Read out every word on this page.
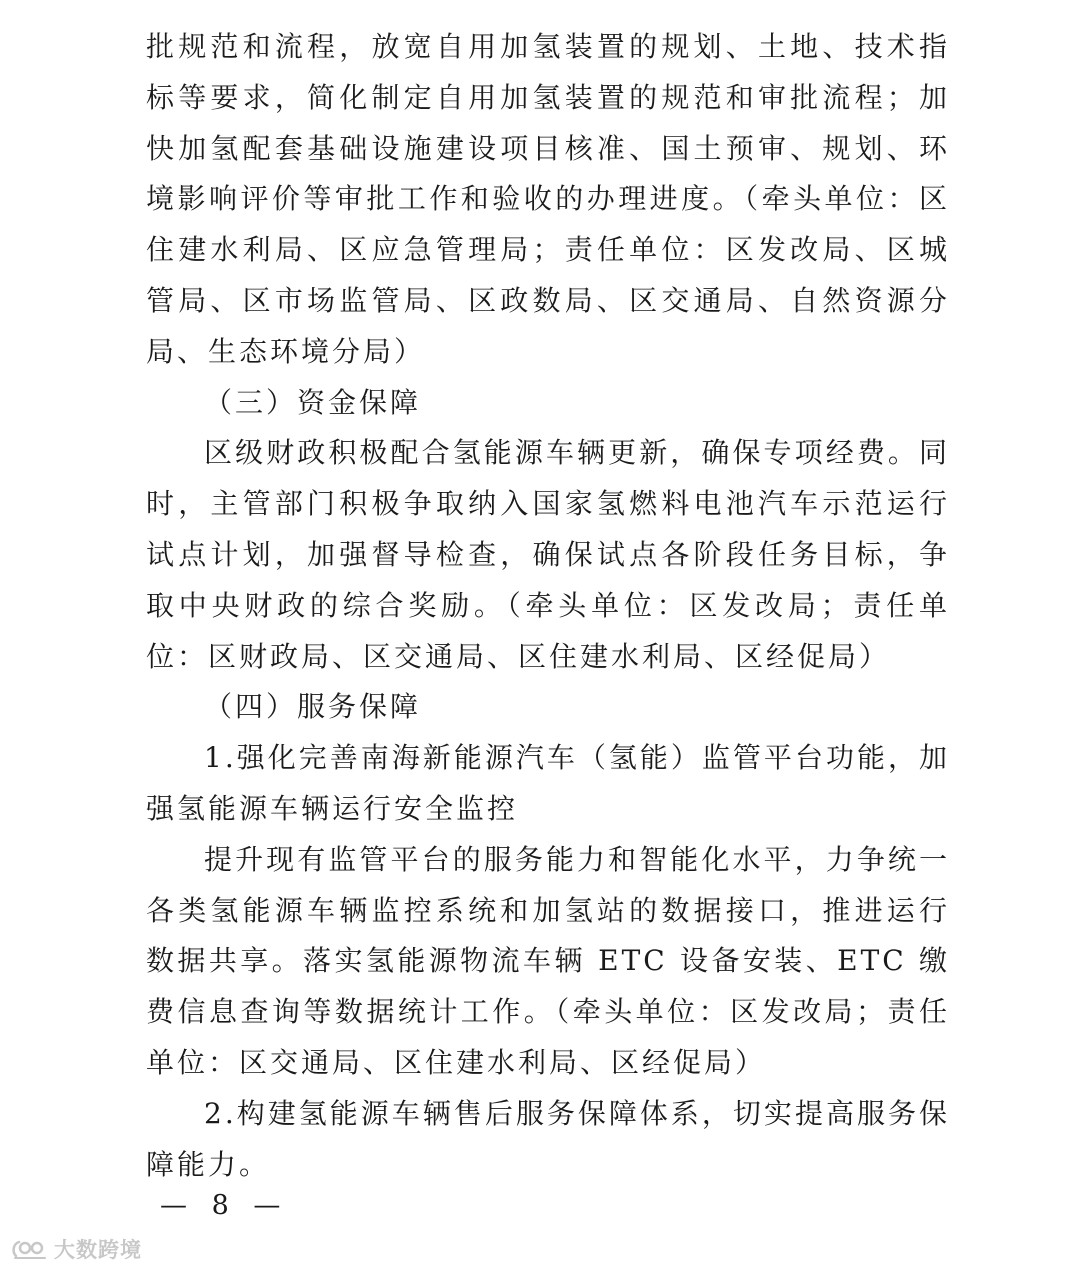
批规范和流程，放宽自用加氢装置的规划、土地、技术指标等要求，简化制定自用加氢装置的规范和审批流程；加快加氢配套基础设施建设项目核准、国土预审、规划、环境影响评价等审批工作和验收的办理进度。（牵头单位：区住建水利局、区应急管理局；责任单位：区发改局、区城管局、区市场监管局、区政数局、区交通局、自然资源分局、生态环境分局）

（三）资金保障

区级财政积极配合氢能源车辆更新，确保专项经费。同时，主管部门积极争取纳入国家氢燃料电池汽车示范运行试点计划，加强督导检查，确保试点各阶段任务目标，争取中央财政的综合奖励。（牵头单位：区发改局；责任单位：区财政局、区交通局、区住建水利局、区经促局）

（四）服务保障

1.强化完善南海新能源汽车（氢能）监管平台功能，加强氢能源车辆运行安全监控

提升现有监管平台的服务能力和智能化水平，力争统一各类氢能源车辆监控系统和加氢站的数据接口，推进运行数据共享。落实氢能源物流车辆 ETC 设备安装、ETC 缴费信息查询等数据统计工作。（牵头单位：区发改局；责任单位：区交通局、区住建水利局、区经促局）

2.构建氢能源车辆售后服务保障体系，切实提高服务保障能力。

— 8 —
大数跨境
